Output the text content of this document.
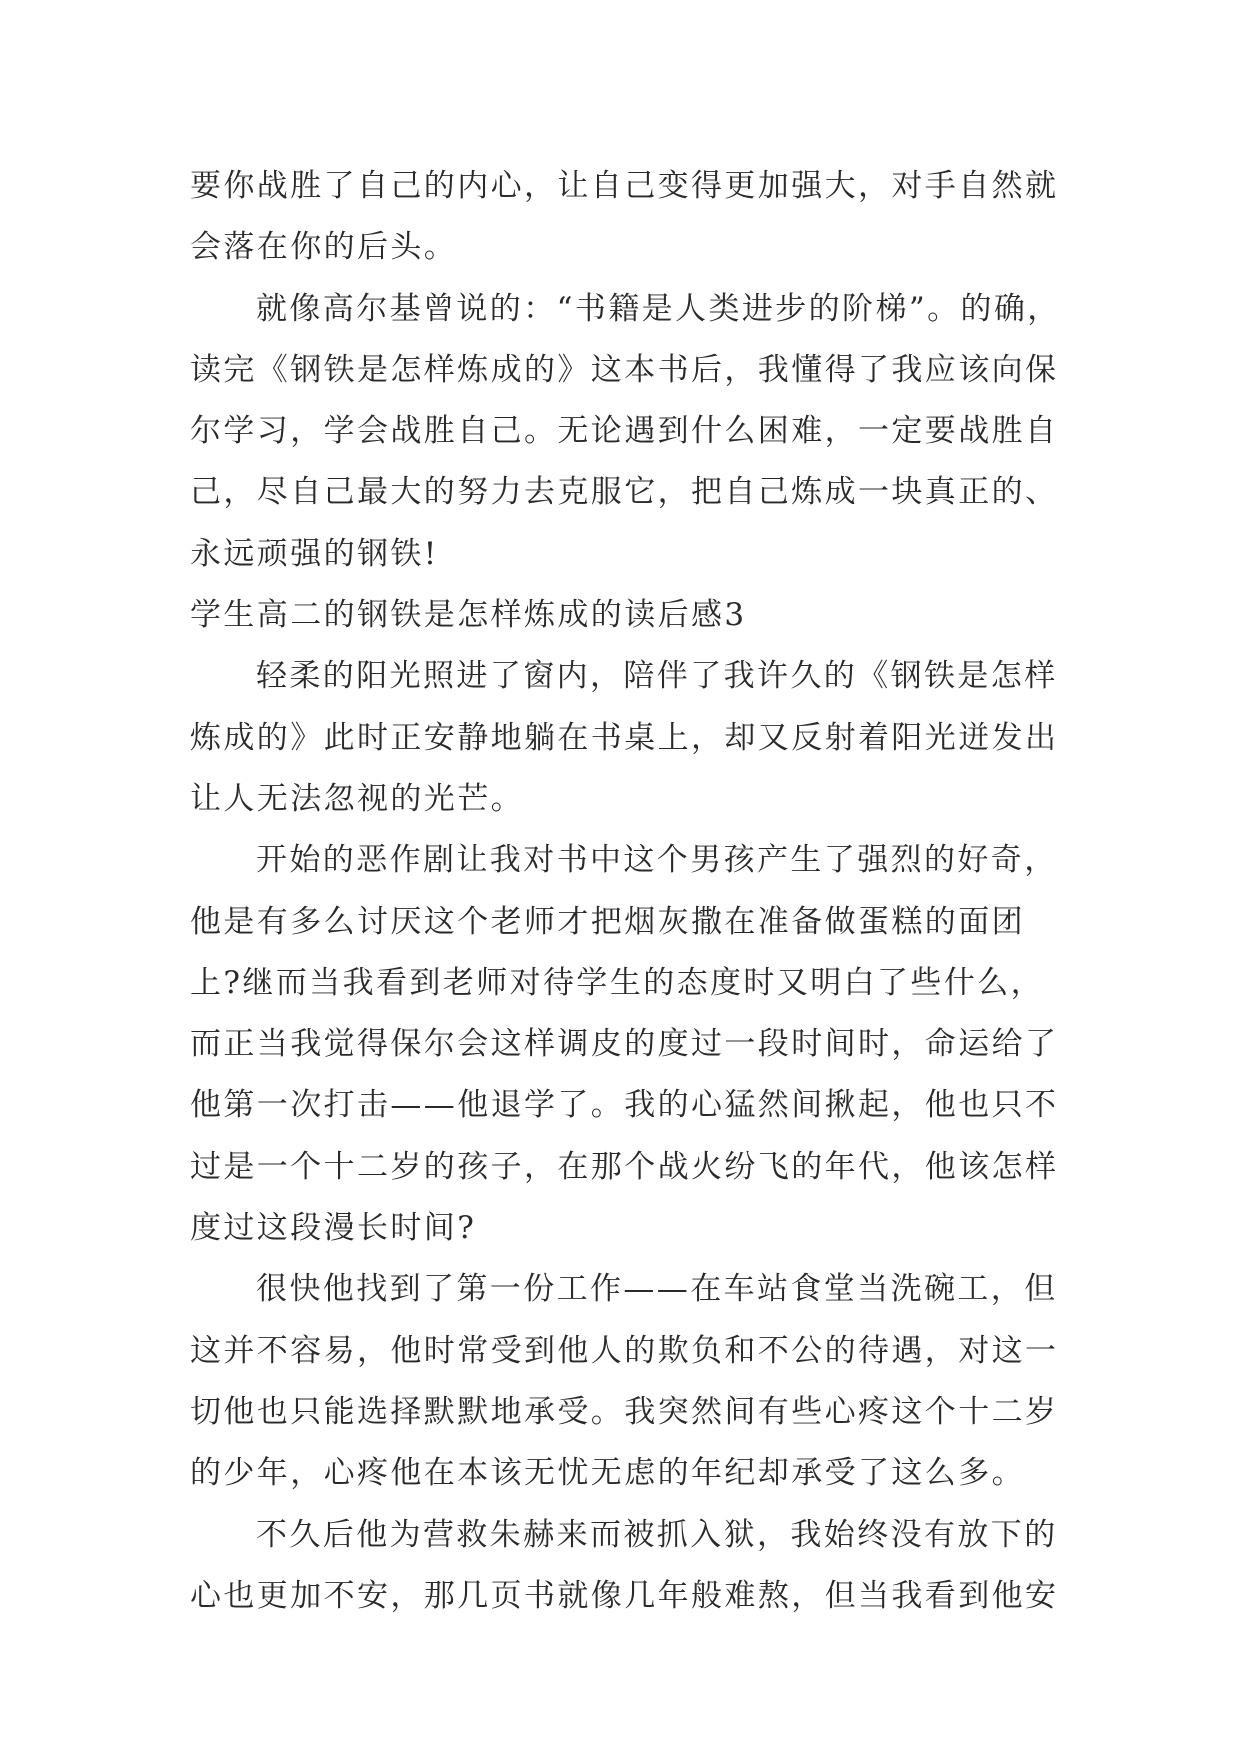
要你战胜了自己的内心，让自己变得更加强大，对手自然就
会落在你的后头。
就像高尔基曾说的：“书籍是人类进步的阶梯”。的确，
读完《钢铁是怎样炼成的》这本书后，我懂得了我应该向保
尔学习，学会战胜自己。无论遇到什么困难，一定要战胜自
己，尽自己最大的努力去克服它，把自己炼成一块真正的、
永远顽强的钢铁!
学生高二的钢铁是怎样炼成的读后感3
轻柔的阳光照进了窗内，陪伴了我许久的《钢铁是怎样
炼成的》此时正安静地躺在书桌上，却又反射着阳光迸发出
让人无法忽视的光芒。
开始的恶作剧让我对书中这个男孩产生了强烈的好奇，
他是有多么讨厌这个老师才把烟灰撒在准备做蛋糕的面团
上?继而当我看到老师对待学生的态度时又明白了些什么，
而正当我觉得保尔会这样调皮的度过一段时间时，命运给了
他第一次打击——他退学了。我的心猛然间揪起，他也只不
过是一个十二岁的孩子，在那个战火纷飞的年代，他该怎样
度过这段漫长时间?
很快他找到了第一份工作——在车站食堂当洗碗工，但
这并不容易，他时常受到他人的欺负和不公的待遇，对这一
切他也只能选择默默地承受。我突然间有些心疼这个十二岁
的少年，心疼他在本该无忧无虑的年纪却承受了这么多。
不久后他为营救朱赫来而被抓入狱，我始终没有放下的
心也更加不安，那几页书就像几年般难熬，但当我看到他安
